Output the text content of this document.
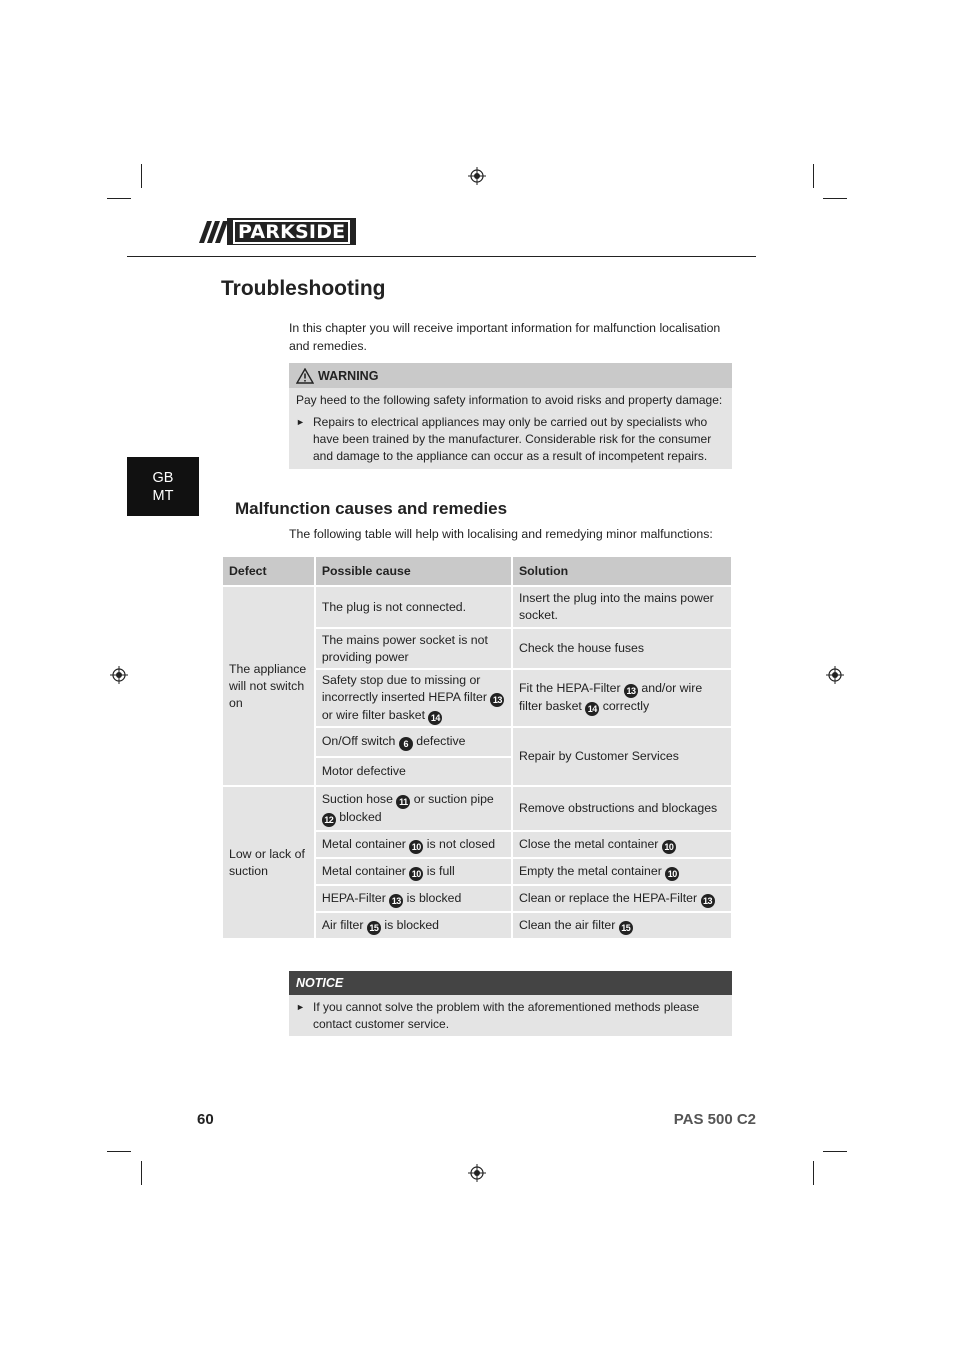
PARKSIDE
Troubleshooting
In this chapter you will receive important information for malfunction localisation and remedies.
WARNING
Pay heed to the following safety information to avoid risks and property damage:
► Repairs to electrical appliances may only be carried out by specialists who have been trained by the manufacturer. Considerable risk for the consumer and damage to the appliance can occur as a result of incompetent repairs.
GB
MT
Malfunction causes and remedies
The following table will help with localising and remedying minor malfunctions:
Defect	Possible cause	Solution
The appliance will not switch on	The plug is not connected.	Insert the plug into the mains power socket.
	The mains power socket is not providing power	Check the house fuses
	Safety stop due to missing or incorrectly inserted HEPA filter 13 or wire filter basket 14	Fit the HEPA-Filter 13 and/or wire filter basket 14 correctly
	On/Off switch 6 defective	Repair by Customer Services
	Motor defective	
Low or lack of suction	Suction hose 11 or suction pipe 12 blocked	Remove obstructions and blockages
	Metal container 10 is not closed	Close the metal container 10
	Metal container 10 is full	Empty the metal container 10
	HEPA-Filter 13 is blocked	Clean or replace the HEPA-Filter 13
	Air filter 15 is blocked	Clean the air filter 15
NOTICE
► If you cannot solve the problem with the aforementioned methods please contact customer service.
60	PAS 500 C2
